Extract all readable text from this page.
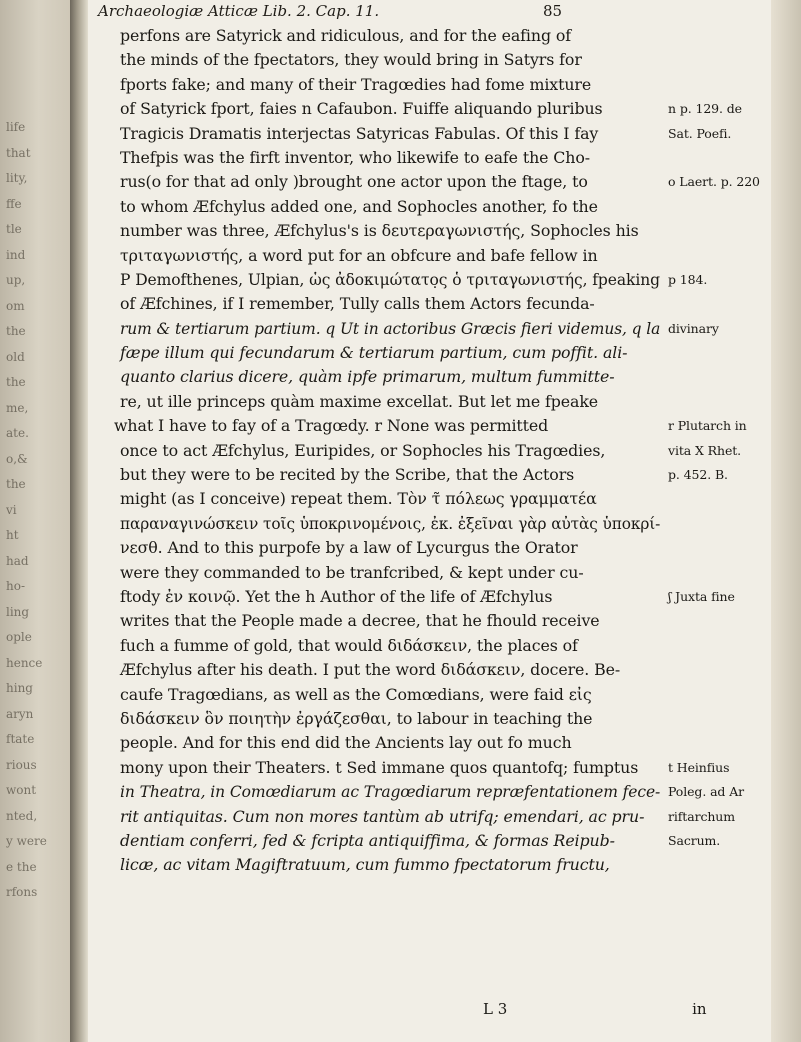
life
that
lity,
ffe
tle
ind
up,
om
the
old
the
me,
ate.
o,&
the
vi
ht
had
ho-
ling
ople
hence
hing
aryn
ftate
rious
wont
nted,
y were
e the
rfons
Archaeologiæ Atticæ Lib. 2. Cap. 11.	85
perfons are Satyrick and ridiculous, and for the eafing of
the minds of the fpectators, they would bring in Satyrs for
fports fake; and many of their Tragœdies had fome mixture
of Satyrick fport, faies n Cafaubon. Fuiffe aliquando pluribus	n p. 129. de
Tragicis Dramatis interjectas Satyricas Fabulas. Of this I fay	Sat. Poefi.
Thefpis was the firft inventor, who likewife to eafe the Cho-
rus(o for that ad only )brought one actor upon the ftage, to	o Laert. p. 220
to whom Æfchylus added one, and Sophocles another, fo the
number was three, Æfchylus's is δευτεραγωνιστής, Sophocles his
τριταγωνιστής, a word put for an obfcure and bafe fellow in
P Demofthenes, Ulpian, ὡς ἀδοκιμώτατο̣ς ὁ τριταγωνιστής, fpeaking p 184.
of Æfchines, if I remember, Tully calls them Actors fecunda-
rum & tertiarum partium. q Ut in actoribus Græcis fieri videmus, q la divinary
fæpe illum qui fecundarum & tertiarum partium, cum poffit. ali-
quanto clarius dicere, quàm ipfe primarum, multum fummitte-
re, ut ille princeps quàm maxime excellat. But let me fpeake
what I have to fay of a Tragœdy. r None was permitted	r Plutarch in
once to act Æfchylus, Euripides, or Sophocles his Tragœdies,	vita X Rhet.
but they were to be recited by the Scribe, that the Actors	p. 452. B.
might (as I conceive) repeat them. Τὸν τ̃ πόλεως γραμματέα
παραναγινώσκειν τοῖς ὑποκρινομένοις, ἐκ. ἐξεῖναι γὰρ αὐτὰς ὑποκρί-
νεσθ. And to this purpofe by a law of Lycurgus the Orator
were they commanded to be tranfcribed, & kept under cu-
ftody ἐν κοινῷ. Yet the h Author of the life of Æfchylus	ʃ Juxta fine
writes that the People made a decree, that he fhould receive
fuch a fumme of gold, that would διδάσκειν, the places of
Æfchylus after his death. I put the word διδάσκειν, docere. Be-
caufe Tragœdians, as well as the Comœdians, were faid εἰς
διδάσκειν ὃν ποιητὴν ἐργάζεσθαι, to labour in teaching the
people. And for this end did the Ancients lay out fo much
mony upon their Theaters. t Sed immane quos quantofq; fumptus t Heinfius
in Theatra, in Comœdiarum ac Tragœdiarum repræfentationem fece- Poleg. ad Ar
rit antiquitas. Cum non mores tantùm ab utrifq; emendari, ac pru- riftarchum
dentiam conferri, fed & fcripta antiquiffima, & formas Reipub-	Sacrum.
licæ, ac vitam Magiftratuum, cum fummo fpectatorum fructu,
L 3	in
